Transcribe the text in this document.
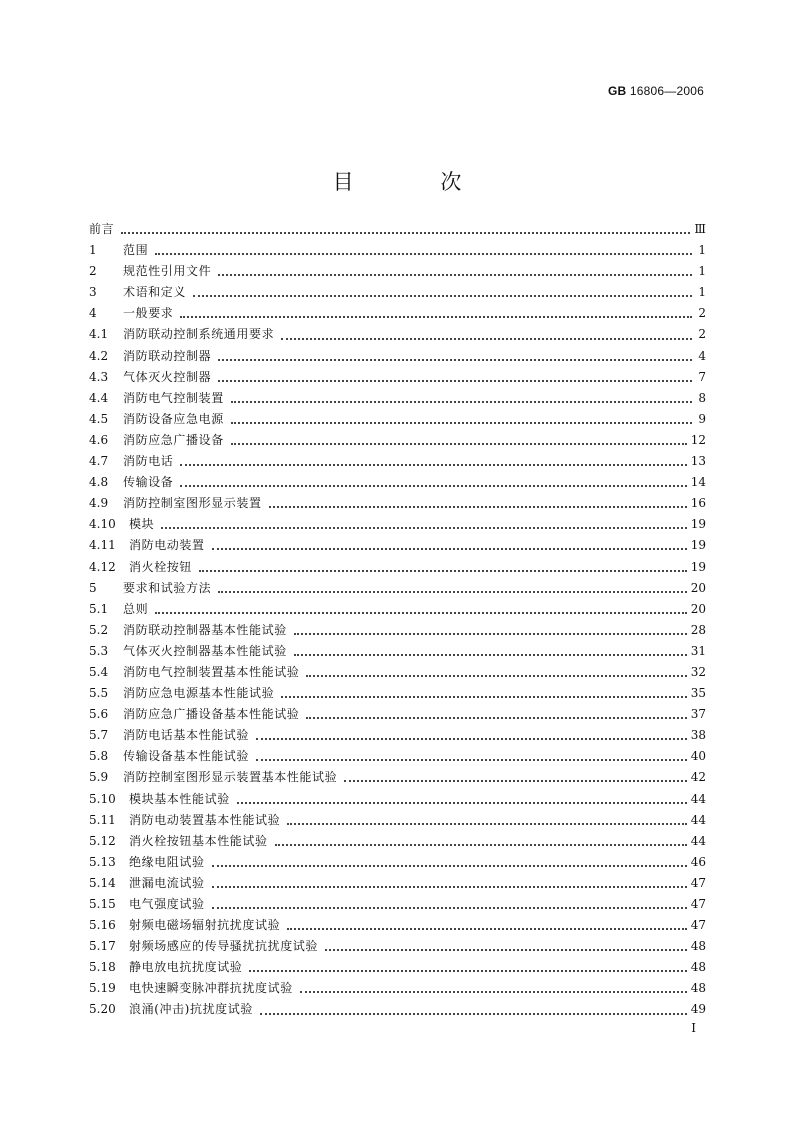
GB 16806—2006
目 次
前言	Ⅲ
1	范围	1
2	规范性引用文件	1
3	术语和定义	1
4	一般要求	2
4.1	消防联动控制系统通用要求	2
4.2	消防联动控制器	4
4.3	气体灭火控制器	7
4.4	消防电气控制装置	8
4.5	消防设备应急电源	9
4.6	消防应急广播设备	12
4.7	消防电话	13
4.8	传输设备	14
4.9	消防控制室图形显示装置	16
4.10	模块	19
4.11	消防电动装置	19
4.12	消火栓按钮	19
5	要求和试验方法	20
5.1	总则	20
5.2	消防联动控制器基本性能试验	28
5.3	气体灭火控制器基本性能试验	31
5.4	消防电气控制装置基本性能试验	32
5.5	消防应急电源基本性能试验	35
5.6	消防应急广播设备基本性能试验	37
5.7	消防电话基本性能试验	38
5.8	传输设备基本性能试验	40
5.9	消防控制室图形显示装置基本性能试验	42
5.10	模块基本性能试验	44
5.11	消防电动装置基本性能试验	44
5.12	消火栓按钮基本性能试验	44
5.13	绝缘电阻试验	46
5.14	泄漏电流试验	47
5.15	电气强度试验	47
5.16	射频电磁场辐射抗扰度试验	47
5.17	射频场感应的传导骚扰抗扰度试验	48
5.18	静电放电抗扰度试验	48
5.19	电快速瞬变脉冲群抗扰度试验	48
5.20	浪涌(冲击)抗扰度试验	49
Ⅰ
